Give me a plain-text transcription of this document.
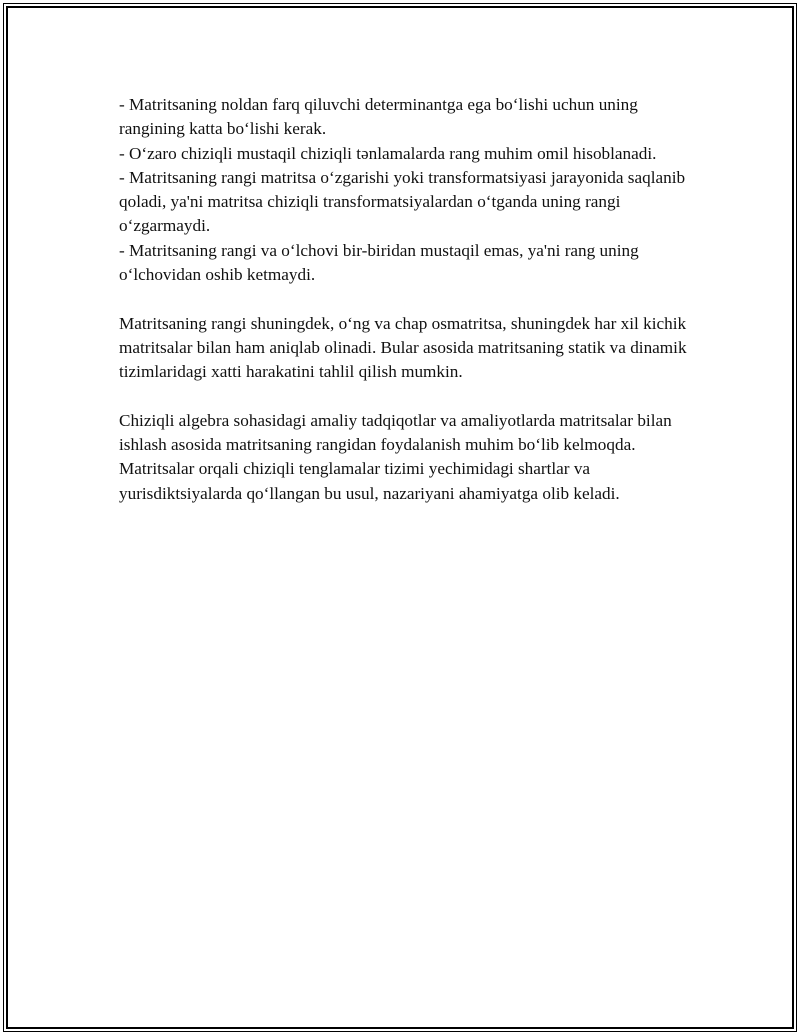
- Matritsaning noldan farq qiluvchi determinantga ega bo‘lishi uchun uning rangining katta bo‘lishi kerak.
- O‘zaro chiziqli mustaqil chiziqli tənlamalarda rang muhim omil hisoblanadi.
- Matritsaning rangi matritsa o‘zgarishi yoki transformatsiyasi jarayonida saqlanib qoladi, ya'ni matritsa chiziqli transformatsiyalardan o‘tganda uning rangi o‘zgarmaydi.
- Matritsaning rangi va o‘lchovi bir-biridan mustaqil emas, ya'ni rang uning o‘lchovidan oshib ketmaydi.

Matritsaning rangi shuningdek, o‘ng va chap osmatritsa, shuningdek har xil kichik matritsalar bilan ham aniqlab olinadi. Bular asosida matritsaning statik va dinamik tizimlaridagi xatti harakatini tahlil qilish mumkin.

Chiziqli algebra sohasidagi amaliy tadqiqotlar va amaliyotlarda matritsalar bilan ishlash asosida matritsaning rangidan foydalanish muhim bo‘lib kelmoqda. Matritsalar orqali chiziqli tenglamalar tizimi yechimidagi shartlar va yurisdiktsiyalarda qo‘llangan bu usul, nazariyani ahamiyatga olib keladi.
